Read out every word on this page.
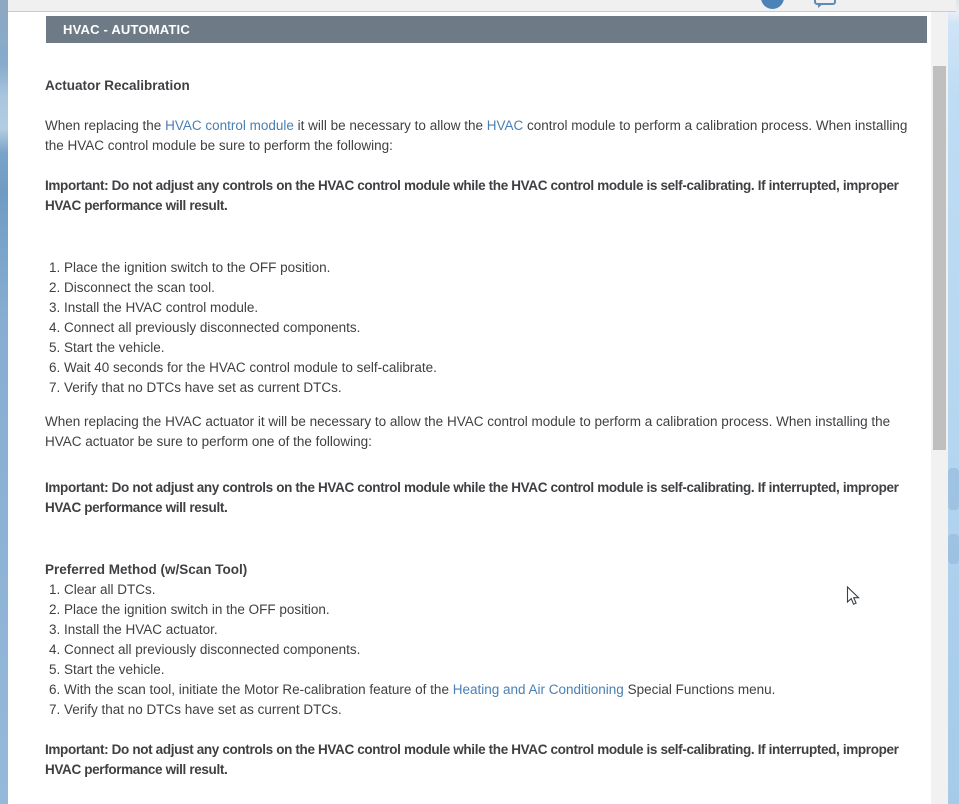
HVAC - AUTOMATIC
Actuator Recalibration

When replacing the HVAC control module it will be necessary to allow the HVAC control module to perform a calibration process. When installing the HVAC control module be sure to perform the following:

Important: Do not adjust any controls on the HVAC control module while the HVAC control module is self-calibrating. If interrupted, improper HVAC performance will result.

1. Place the ignition switch to the OFF position.
2. Disconnect the scan tool.
3. Install the HVAC control module.
4. Connect all previously disconnected components.
5. Start the vehicle.
6. Wait 40 seconds for the HVAC control module to self-calibrate.
7. Verify that no DTCs have set as current DTCs.

When replacing the HVAC actuator it will be necessary to allow the HVAC control module to perform a calibration process. When installing the HVAC actuator be sure to perform one of the following:

Important: Do not adjust any controls on the HVAC control module while the HVAC control module is self-calibrating. If interrupted, improper HVAC performance will result.

Preferred Method (w/Scan Tool)
1. Clear all DTCs.
2. Place the ignition switch in the OFF position.
3. Install the HVAC actuator.
4. Connect all previously disconnected components.
5. Start the vehicle.
6. With the scan tool, initiate the Motor Re-calibration feature of the Heating and Air Conditioning Special Functions menu.
7. Verify that no DTCs have set as current DTCs.

Important: Do not adjust any controls on the HVAC control module while the HVAC control module is self-calibrating. If interrupted, improper HVAC performance will result.
